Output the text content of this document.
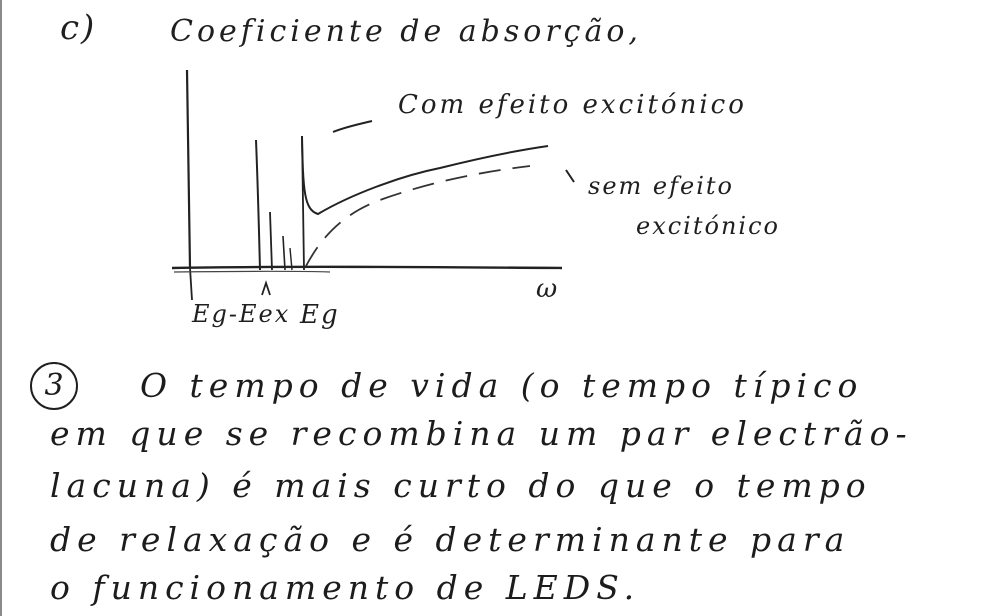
c) Coeficiente de absorção,
Com efeito excitónico
sem efeito
excitónico
ω
Eg-Eex Eg
3	O tempo de vida (o tempo típico
em que se recombina um par electrão-
lacuna) é mais curto do que o tempo
de relaxação e é determinante para
o funcionamento de LEDS.
